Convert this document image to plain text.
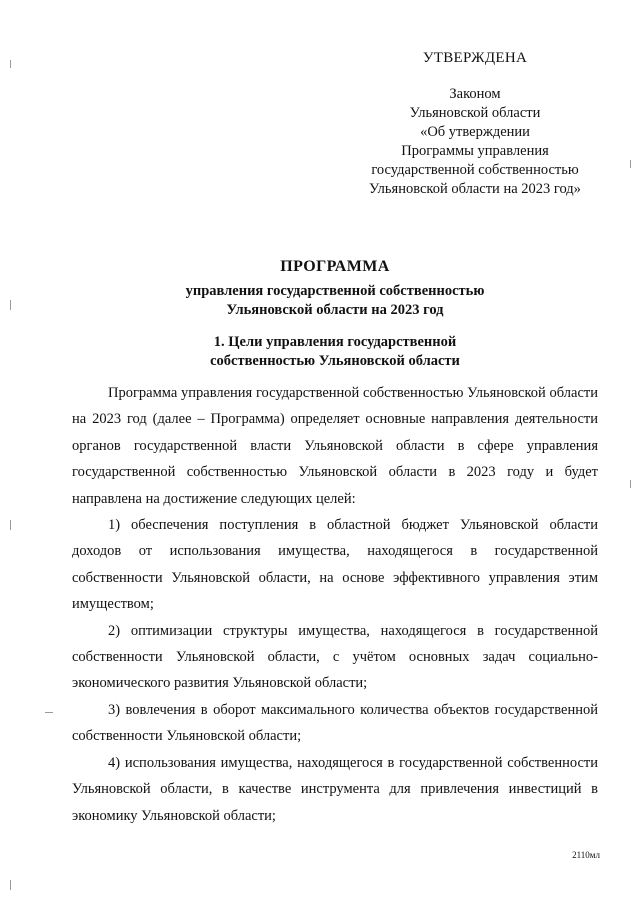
УТВЕРЖДЕНА
Законом
Ульяновской области
«Об утверждении
Программы управления
государственной собственностью
Ульяновской области на 2023 год»
ПРОГРАММА
управления государственной собственностью
Ульяновской области на 2023 год
1. Цели управления государственной
собственностью Ульяновской области

Программа управления государственной собственностью Ульяновской области на 2023 год (далее – Программа) определяет основные направления деятельности органов государственной власти Ульяновской области в сфере управления государственной собственностью Ульяновской области в 2023 году и будет направлена на достижение следующих целей:

1) обеспечения поступления в областной бюджет Ульяновской области доходов от использования имущества, находящегося в государственной собственности Ульяновской области, на основе эффективного управления этим имуществом;

2) оптимизации структуры имущества, находящегося в государственной собственности Ульяновской области, с учётом основных задач социально-экономического развития Ульяновской области;

3) вовлечения в оборот максимального количества объектов государственной собственности Ульяновской области;

4) использования имущества, находящегося в государственной собственности Ульяновской области, в качестве инструмента для привлечения инвестиций в экономику Ульяновской области;

2110мл
